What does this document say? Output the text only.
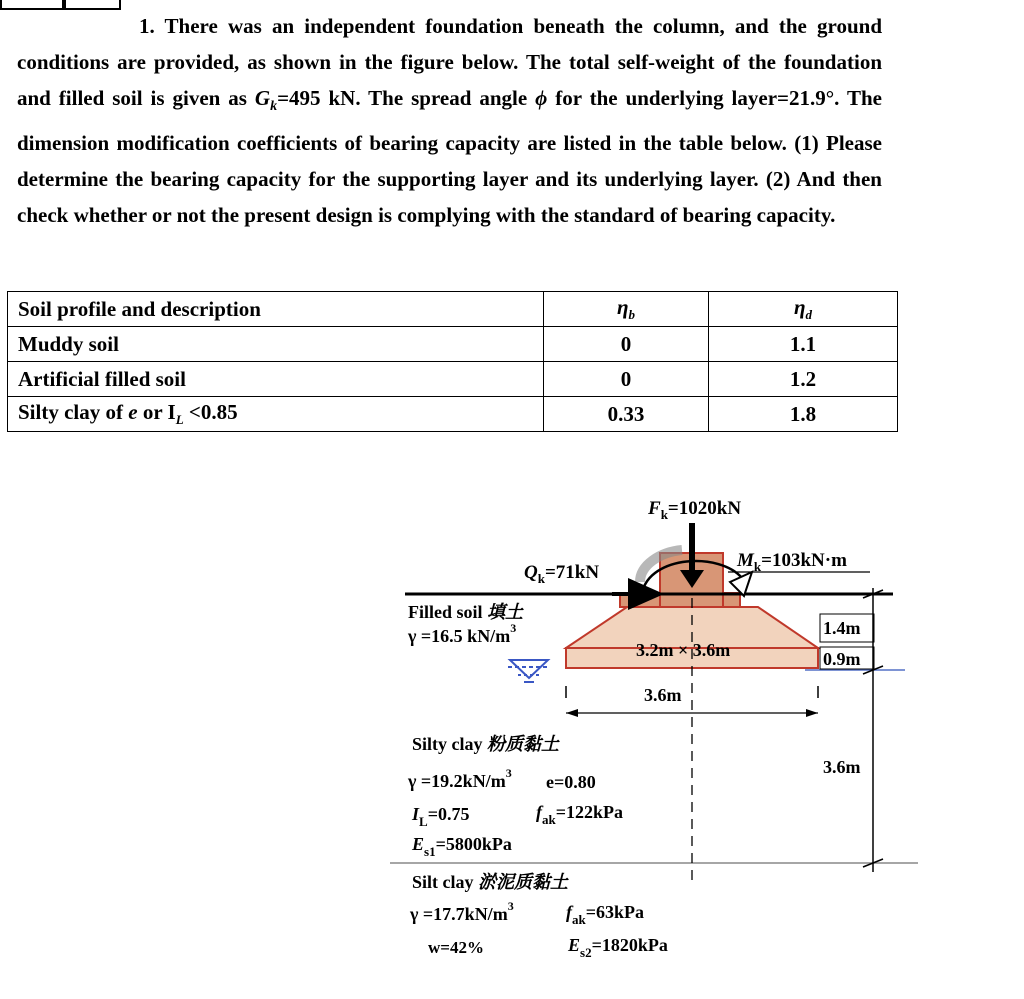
1. There was an independent foundation beneath the column, and the ground conditions are provided, as shown in the figure below. The total self-weight of the foundation and filled soil is given as $G_k=495$ kN. The spread angle ϕ for the underlying layer=21.9°. The dimension modification coefficients of bearing capacity are listed in the table below. (1) Please determine the bearing capacity for the supporting layer and its underlying layer. (2) And then check whether or not the present design is complying with the standard of bearing capacity.

Soil profile and description	$\eta_b$	$\eta_d$
Muddy soil	0	1.1
Artificial filled soil	0	1.2
Silty clay of e or $I_L <0.85$	0.33	1.8
$F_k=1020kN$
$M_k=103kN\cdot m$
$Q_k=71kN$
Filled soil 填土
γ =16.5 $kN/m^3$
3.2m × 3.6m
3.6m
1.4m
0.9m
3.6m
Silty clay 粉质黏土
$\gamma =19.2kN/m^3$ e=0.80
$I_L=0.75$	$f_{ak}=122kPa$
$E_{s1}=5800kPa$
Silt clay 淤泥质黏土
$\gamma =17.7kN/m^3$	$f_{ak}=63kPa$
w=42%	$E_{s2}=1820kPa$
